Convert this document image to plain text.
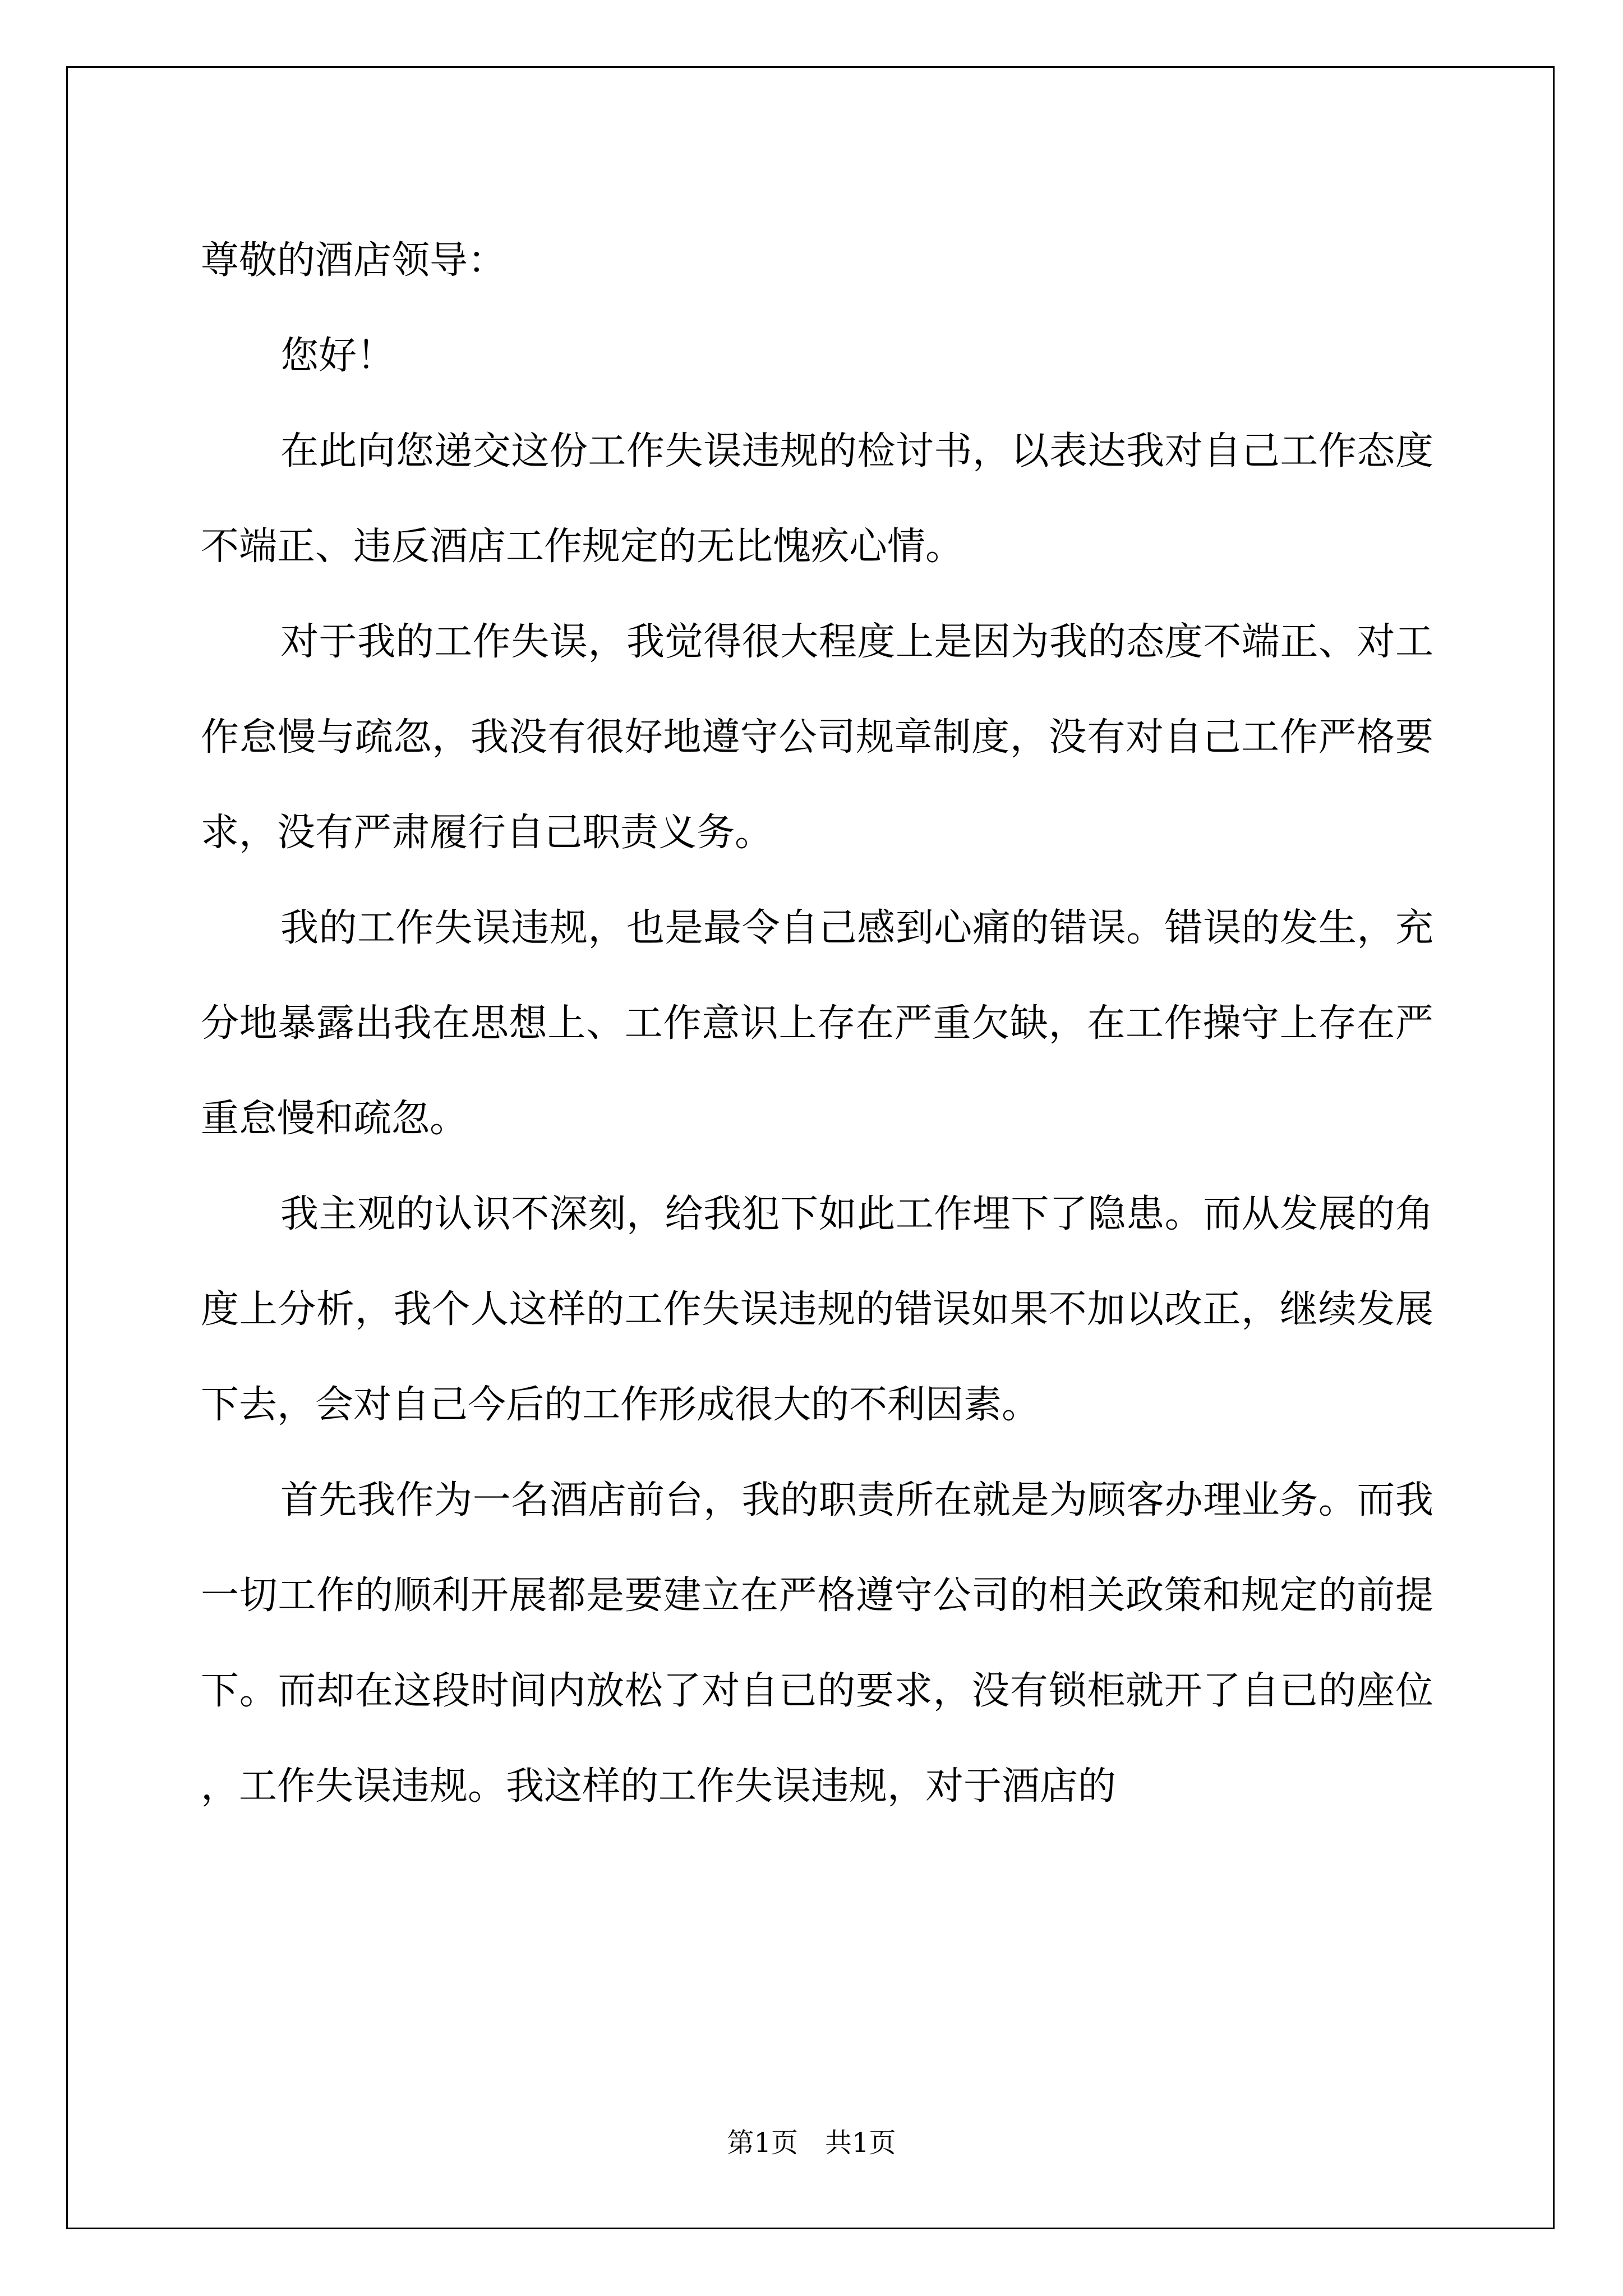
尊敬的酒店领导：

您好！

在此向您递交这份工作失误违规的检讨书，以表达我对自己工作态度不端正、违反酒店工作规定的无比愧疚心情。

对于我的工作失误，我觉得很大程度上是因为我的态度不端正、对工作怠慢与疏忽，我没有很好地遵守公司规章制度，没有对自己工作严格要求，没有严肃履行自己职责义务。

我的工作失误违规，也是最令自己感到心痛的错误。错误的发生，充分地暴露出我在思想上、工作意识上存在严重欠缺，在工作操守上存在严重怠慢和疏忽。

我主观的认识不深刻，给我犯下如此工作埋下了隐患。而从发展的角度上分析，我个人这样的工作失误违规的错误如果不加以改正，继续发展下去，会对自己今后的工作形成很大的不利因素。

首先我作为一名酒店前台，我的职责所在就是为顾客办理业务。而我一切工作的顺利开展都是要建立在严格遵守公司的相关政策和规定的前提下。而却在这段时间内放松了对自已的要求，没有锁柜就开了自已的座位，工作失误违规。我这样的工作失误违规，对于酒店的

第1页　共1页
